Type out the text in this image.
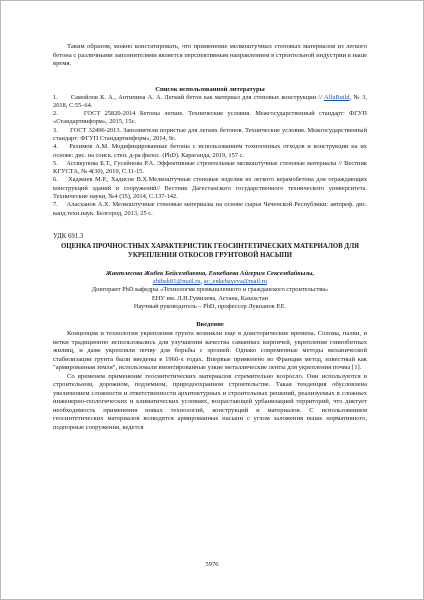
Таким образом, можно констатировать, что применение мелкоштучных стеновых материалов из легкого бетона с различными заполнителями является перспективным направлением в строительной индустрии в наше время.

Список использованной литературы

1.      Самойлов К. А., Антипина А. А. Легкий бетон как материал для стеновых конструкции // AlfaBuild, № 3, 2018, С.55–64.

2.      ГОСТ 25820-2014 Бетоны легкие. Технические условия. Межгосударственный стандарт: ФГУП «Стандартинформ», 2015, 15с.

3.      ГОСТ 32496-2013. Заполнители пористые для легких бетонов. Технические условия. Межгосударственный стандарт: ФГУП Стандартинформ», 2014, 9с.

4.    Рахимов А.М. Модифицированные бетоны с использованием техногенных отходов и конструкции на их основе: дис. на соиск. степ. д-ра филос. (PhD). Караганда, 2019, 157 с.

5.    Ассвкупова Б.Т., Гусейнова Р.А. Эффективные строительные мелкоштучные стеновые материалы // Вестник КГУСТА, № 4(30), 2010, С.11-15.

6.    Хаджиев М.Р., Хадисов В.Х.Мелкоштучные стеновые изделия из легкого керамобетона для ограждающих конструкций зданий и сооружений// Вестник Дагестанского государственного технического университета. Технические науки, №4 (35), 2014, С.137-142.

7.    Аласханов А.Х. Мелкоштучные стеновые материалы на основе сырья Чеченской Республики: автореф. дис. канд.техн.наук. Белгород, 2013, 25 с.

УДК 691.3

ОЦЕНКА ПРОЧНОСТНЫХ ХАРАКТЕРИСТИК ГЕОСИНТЕТИЧЕСКИХ МАТЕРИАЛОВ ДЛЯ УКРЕПЛЕНИЯ ОТКОСОВ ГРУНТОВОЙ НАСЫПИ

Жантлесова Жибек Бейсембаевна, Енкебаева Айгерим Сексембайкызы,

zhibek81@mail.ru, ac_enkebayeva@mail.ru

Докторант PhD кафедры «Технология промышленного и гражданского строительства»

ЕНУ им. Л.Н.Гумилева, Астана, Казахстан

Научный руководитель – PhD, профессор Лукпанов Р.Е.

Введение

Концепция и технология укрепления грунта возникли еще в доисторические времена. Солома, палки, и ветки традиционно использовались для улучшения качества саманных кирпичей, укрепления глинобитных жилищ, и даже укрепляли почву для борьбы с эрозией. Однако современные методы механической стабилизации грунта были введены в 1960-х годах. Впервые применено во Франции метод, известный как "армированная земля", использовали вмонтированные узкие металлические ленты для укрепления почвы [1].

Со временем применение геосинтетических материалов стремительно возросло. Они используются в строительном, дорожном, подземном, природоохранном строительстве. Такая тенденция обусловлена увеличением сложности и ответственности архитектурных и строительных решений, реализуемых в сложных инженерно-геологических и климатических условиях, возрастающей урбанизацией территорий, что диктует необходимость применения новых технологий, конструкций и материалов. С использованием геосинтетических материалов возводятся армированные насыпи с углом заложения выше нормативного, подпорные сооружения, ведется

5976
